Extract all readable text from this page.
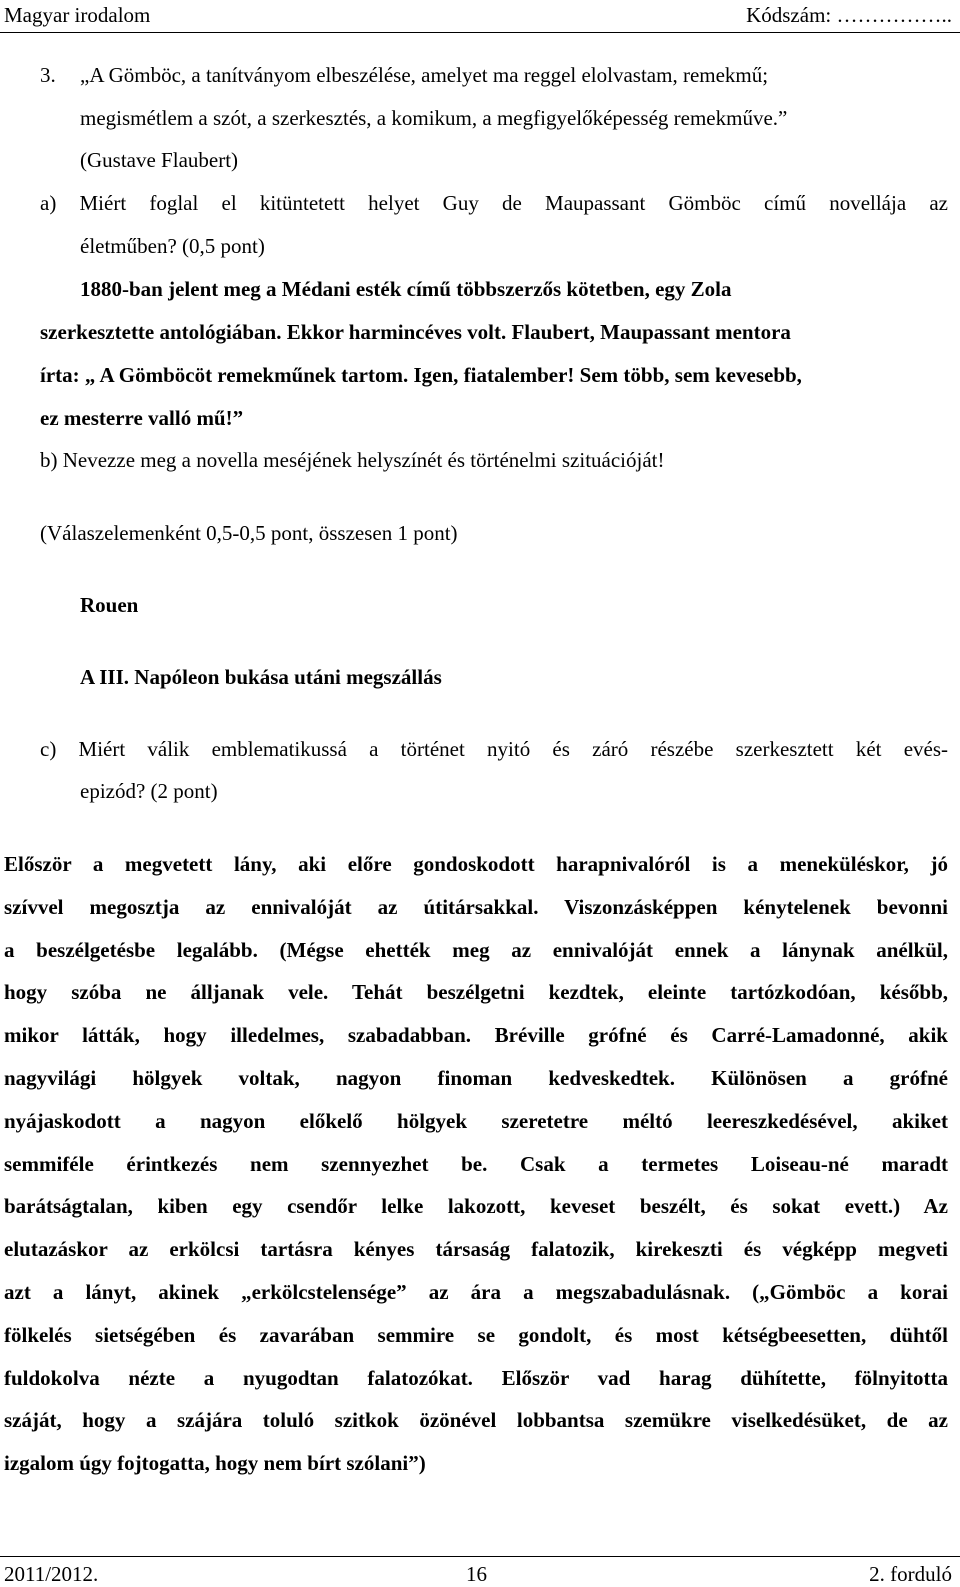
Magyar irodalom	Kódszám: ……………..
3. „A Gömböc, a tanítványom elbeszélése, amelyet ma reggel elolvastam, remekmű;
megismétlem a szót, a szerkesztés, a komikum, a megfigyelőképesség remekműve.”
(Gustave Flaubert)
a) Miért foglal el kitüntetett helyet Guy de Maupassant Gömböc című novellája az
életműben? (0,5 pont)
1880-ban jelent meg a Médani esték című többszerzős kötetben, egy Zola
szerkesztette antológiában. Ekkor harmincéves volt. Flaubert, Maupassant mentora
írta: „ A Gömböcöt remekműnek tartom. Igen, fiatalember! Sem több, sem kevesebb,
ez mesterre valló mű!”
b) Nevezze meg a novella meséjének helyszínét és történelmi szituációját!
(Válaszelemenként 0,5-0,5 pont, összesen 1 pont)
Rouen
A III. Napóleon bukása utáni megszállás
c) Miért válik emblematikussá a történet nyitó és záró részébe szerkesztett két evés-
epizód? (2 pont)
Először a megvetett lány, aki előre gondoskodott harapnivalóról is a meneküléskor, jó
szívvel megosztja az ennivalóját az útitársakkal. Viszonzásképpen kénytelenek bevonni
a beszélgetésbe legalább. (Mégse ehették meg az ennivalóját ennek a lánynak anélkül,
hogy szóba ne álljanak vele. Tehát beszélgetni kezdtek, eleinte tartózkodóan, később,
mikor látták, hogy illedelmes, szabadabban. Bréville grófné és Carré-Lamadonné, akik
nagyvilági hölgyek voltak, nagyon finoman kedveskedtek. Különösen a grófné
nyájaskodott a nagyon előkelő hölgyek szeretetre méltó leereszkedésével, akiket
semmiféle érintkezés nem szennyezhet be. Csak a termetes Loiseau-né maradt
barátságtalan, kiben egy csendőr lelke lakozott, keveset beszélt, és sokat evett.) Az
elutazáskor az erkölcsi tartásra kényes társaság falatozik, kirekeszti és végképp megveti
azt a lányt, akinek „erkölcstelensége” az ára a megszabadulásnak. („Gömböc a korai
fölkelés sietségében és zavarában semmire se gondolt, és most kétségbeesetten, dühtől
fuldokolva nézte a nyugodtan falatozókat. Először vad harag dühítette, fölnyitotta
száját, hogy a szájára toluló szitkok özönével lobbantsa szemükre viselkedésüket, de az
izgalom úgy fojtogatta, hogy nem bírt szólani”)
2011/2012.	16	2. forduló
